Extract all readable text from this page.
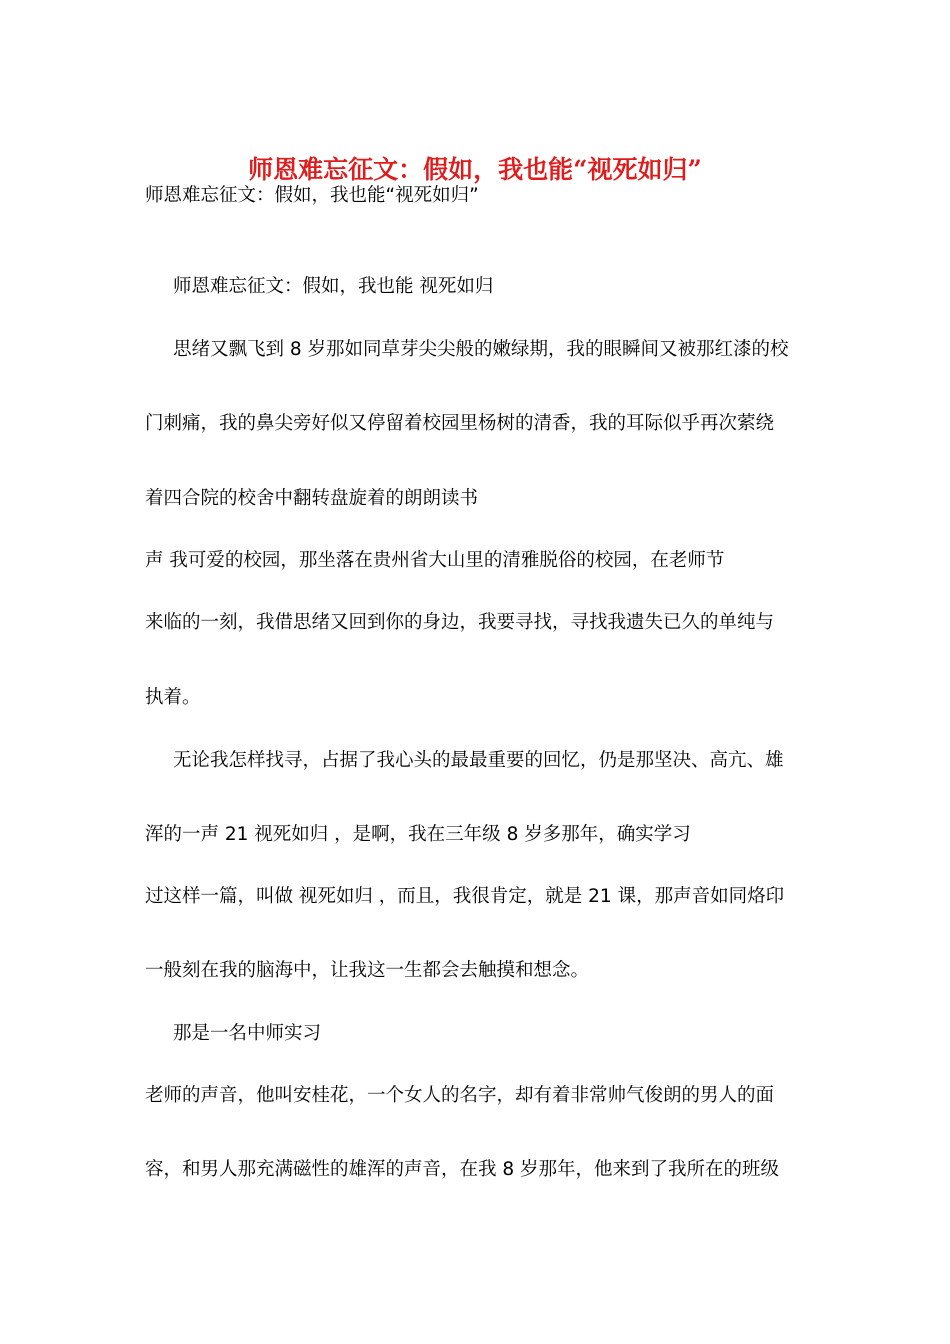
师恩难忘征文：假如，我也能“视死如归”
师恩难忘征文：假如，我也能“视死如归”
师恩难忘征文：假如，我也能 视死如归
思绪又飘飞到 8 岁那如同草芽尖尖般的嫩绿期，我的眼瞬间又被那红漆的校
门刺痛，我的鼻尖旁好似又停留着校园里杨树的清香，我的耳际似乎再次萦绕
着四合院的校舍中翻转盘旋着的朗朗读书
声 我可爱的校园，那坐落在贵州省大山里的清雅脱俗的校园，在老师节
来临的一刻，我借思绪又回到你的身边，我要寻找，寻找我遗失已久的单纯与
执着。
无论我怎样找寻，占据了我心头的最最重要的回忆，仍是那坚决、高亢、雄
浑的一声 21 视死如归 ，是啊，我在三年级 8 岁多那年，确实学习
过这样一篇，叫做 视死如归 ，而且，我很肯定，就是 21 课，那声音如同烙印
一般刻在我的脑海中，让我这一生都会去触摸和想念。
那是一名中师实习
老师的声音，他叫安桂花，一个女人的名字，却有着非常帅气俊朗的男人的面
容，和男人那充满磁性的雄浑的声音，在我 8 岁那年，他来到了我所在的班级
